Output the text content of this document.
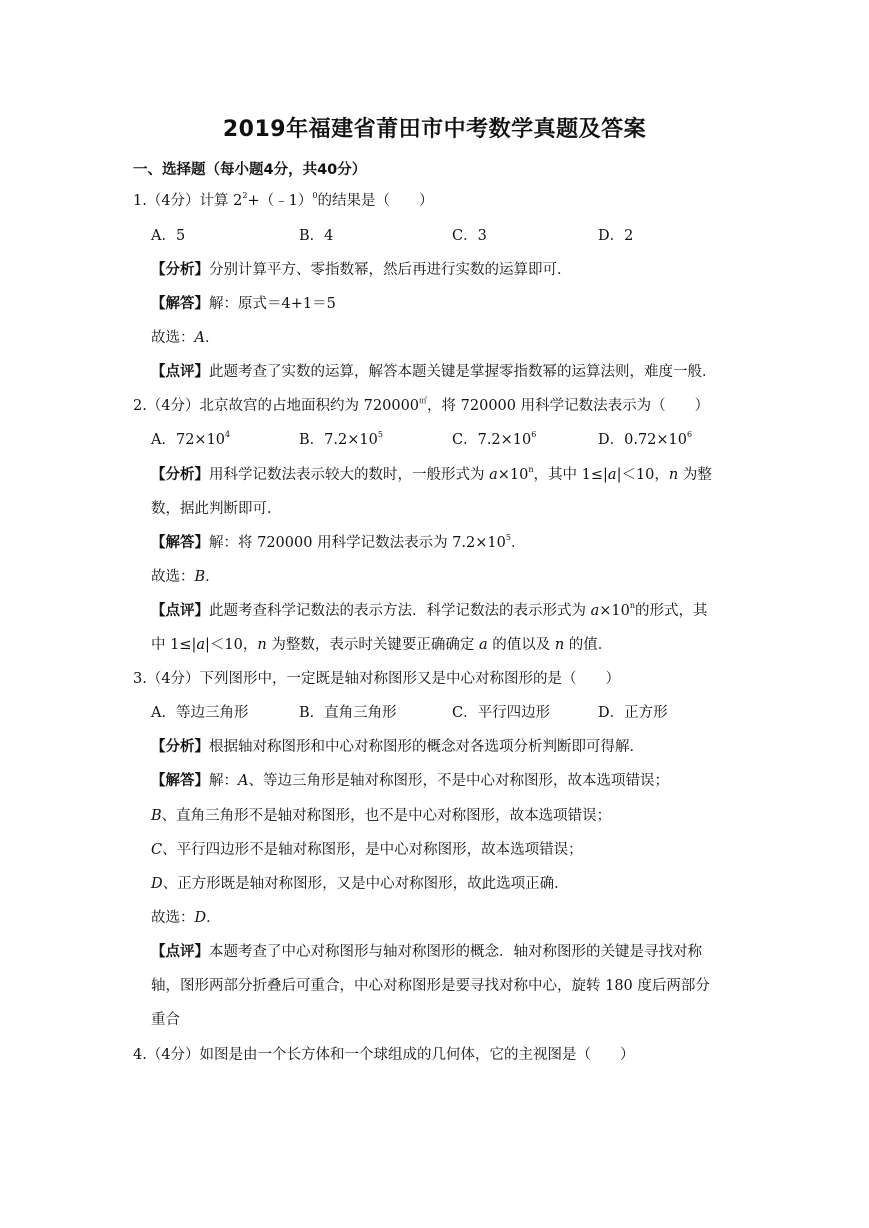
2019年福建省莆田市中考数学真题及答案
一、选择题（每小题4分，共40分）
1.（4分）计算 $2^2+(﹣1)^0$的结果是（　　）
A．5	B．4	C．3	D．2
【分析】分别计算平方、零指数幂，然后再进行实数的运算即可．
【解答】解：原式＝4+1＝5
故选：A．
【点评】此题考查了实数的运算，解答本题关键是掌握零指数幂的运算法则，难度一般．
2.（4分）北京故宫的占地面积约为 720000㎡，将 720000 用科学记数法表示为（　　）
A．$72\times 10^4$	B．$7.2\times 10^5$	C．$7.2\times 10^6$	D．$0.72\times 10^6$
【分析】用科学记数法表示较大的数时，一般形式为 $a\times 10^n$，其中 1≤|a|＜10，n 为整
数，据此判断即可．
【解答】解：将 720000 用科学记数法表示为 $7.2\times 10^5$．
故选：B．
【点评】此题考查科学记数法的表示方法．科学记数法的表示形式为 $a\times 10^n$的形式，其
中 1≤|a|＜10，n 为整数，表示时关键要正确确定 a 的值以及 n 的值．
3.（4分）下列图形中，一定既是轴对称图形又是中心对称图形的是（　　）
A．等边三角形	B．直角三角形	C．平行四边形	D．正方形
【分析】根据轴对称图形和中心对称图形的概念对各选项分析判断即可得解．
【解答】解：A、等边三角形是轴对称图形，不是中心对称图形，故本选项错误；
B、直角三角形不是轴对称图形，也不是中心对称图形，故本选项错误；
C、平行四边形不是轴对称图形，是中心对称图形，故本选项错误；
D、正方形既是轴对称图形，又是中心对称图形，故此选项正确．
故选：D．
【点评】本题考查了中心对称图形与轴对称图形的概念．轴对称图形的关键是寻找对称
轴，图形两部分折叠后可重合，中心对称图形是要寻找对称中心，旋转 180 度后两部分
重合
4.（4分）如图是由一个长方体和一个球组成的几何体，它的主视图是（　　）
